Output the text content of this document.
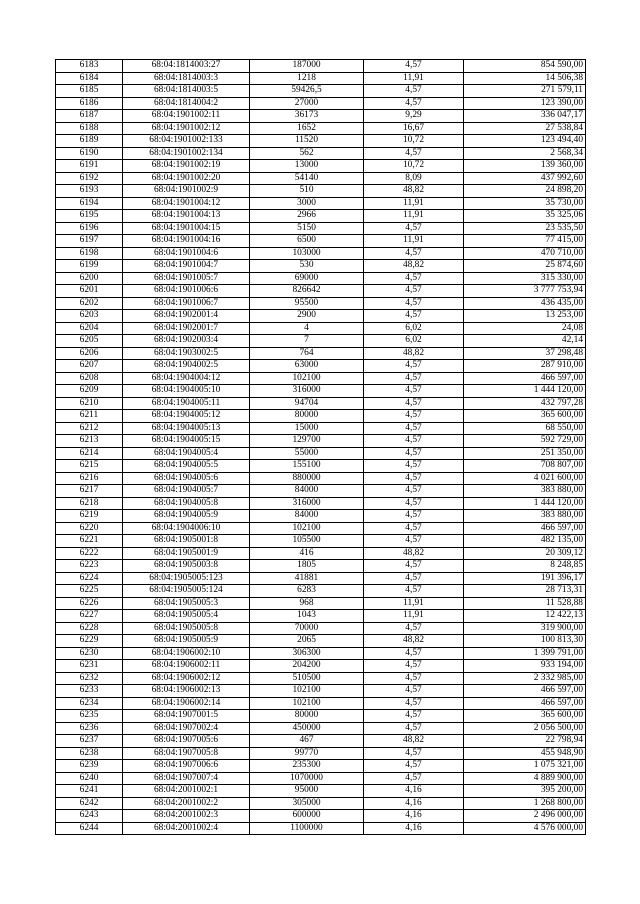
6183	68:04:1814003:27	187000	4,57	854 590,00
6184	68:04:1814003:3	1218	11,91	14 506,38
6185	68:04:1814003:5	59426,5	4,57	271 579,11
6186	68:04:1814004:2	27000	4,57	123 390,00
6187	68:04:1901002:11	36173	9,29	336 047,17
6188	68:04:1901002:12	1652	16,67	27 538,84
6189	68:04:1901002:133	11520	10,72	123 494,40
6190	68:04:1901002:134	562	4,57	2 568,34
6191	68:04:1901002:19	13000	10,72	139 360,00
6192	68:04:1901002:20	54140	8,09	437 992,60
6193	68:04:1901002:9	510	48,82	24 898,20
6194	68:04:1901004:12	3000	11,91	35 730,00
6195	68:04:1901004:13	2966	11,91	35 325,06
6196	68:04:1901004:15	5150	4,57	23 535,50
6197	68:04:1901004:16	6500	11,91	77 415,00
6198	68:04:1901004:6	103000	4,57	470 710,00
6199	68:04:1901004:7	530	48,82	25 874,60
6200	68:04:1901005:7	69000	4,57	315 330,00
6201	68:04:1901006:6	826642	4,57	3 777 753,94
6202	68:04:1901006:7	95500	4,57	436 435,00
6203	68:04:1902001:4	2900	4,57	13 253,00
6204	68:04:1902001:7	4	6,02	24,08
6205	68:04:1902003:4	7	6,02	42,14
6206	68:04:1903002:5	764	48,82	37 298,48
6207	68:04:1904002:5	63000	4,57	287 910,00
6208	68:04:1904004:12	102100	4,57	466 597,00
6209	68:04:1904005:10	316000	4,57	1 444 120,00
6210	68:04:1904005:11	94704	4,57	432 797,28
6211	68:04:1904005:12	80000	4,57	365 600,00
6212	68:04:1904005:13	15000	4,57	68 550,00
6213	68:04:1904005:15	129700	4,57	592 729,00
6214	68:04:1904005:4	55000	4,57	251 350,00
6215	68:04:1904005:5	155100	4,57	708 807,00
6216	68:04:1904005:6	880000	4,57	4 021 600,00
6217	68:04:1904005:7	84000	4,57	383 880,00
6218	68:04:1904005:8	316000	4,57	1 444 120,00
6219	68:04:1904005:9	84000	4,57	383 880,00
6220	68:04:1904006:10	102100	4,57	466 597,00
6221	68:04:1905001:8	105500	4,57	482 135,00
6222	68:04:1905001:9	416	48,82	20 309,12
6223	68:04:1905003:8	1805	4,57	8 248,85
6224	68:04:1905005:123	41881	4,57	191 396,17
6225	68:04:1905005:124	6283	4,57	28 713,31
6226	68:04:1905005:3	968	11,91	11 528,88
6227	68:04:1905005:4	1043	11,91	12 422,13
6228	68:04:1905005:8	70000	4,57	319 900,00
6229	68:04:1905005:9	2065	48,82	100 813,30
6230	68:04:1906002:10	306300	4,57	1 399 791,00
6231	68:04:1906002:11	204200	4,57	933 194,00
6232	68:04:1906002:12	510500	4,57	2 332 985,00
6233	68:04:1906002:13	102100	4,57	466 597,00
6234	68:04:1906002:14	102100	4,57	466 597,00
6235	68:04:1907001:5	80000	4,57	365 600,00
6236	68:04:1907002:4	450000	4,57	2 056 500,00
6237	68:04:1907005:6	467	48,82	22 798,94
6238	68:04:1907005:8	99770	4,57	455 948,90
6239	68:04:1907006:6	235300	4,57	1 075 321,00
6240	68:04:1907007:4	1070000	4,57	4 889 900,00
6241	68:04:2001002:1	95000	4,16	395 200,00
6242	68:04:2001002:2	305000	4,16	1 268 800,00
6243	68:04:2001002:3	600000	4,16	2 496 000,00
6244	68:04:2001002:4	1100000	4,16	4 576 000,00
